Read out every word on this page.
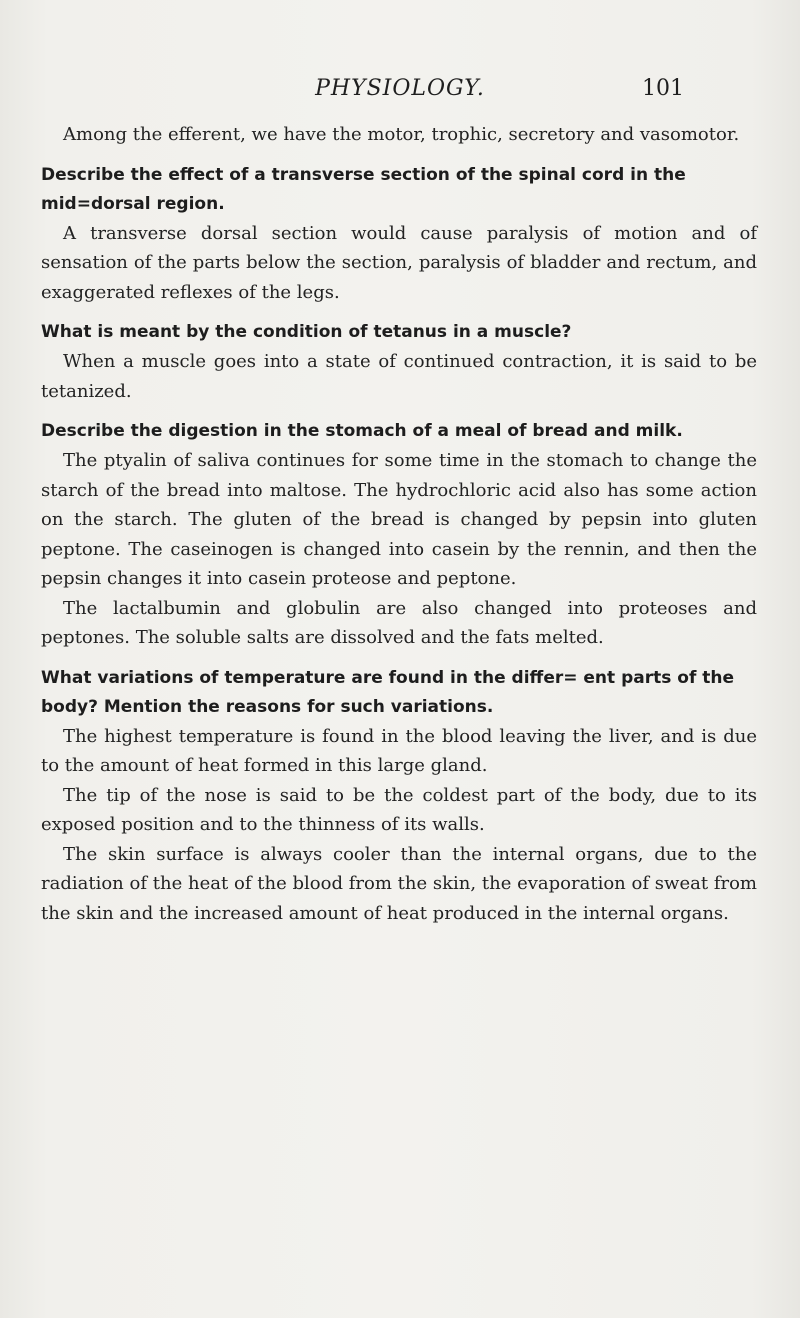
PHYSIOLOGY.	101

Among the efferent, we have the motor, trophic, secretory and vasomotor.

Describe the effect of a transverse section of the spinal cord in the mid=dorsal region.

A transverse dorsal section would cause paralysis of motion and of sensation of the parts below the section, paralysis of bladder and rectum, and exaggerated reflexes of the legs.

What is meant by the condition of tetanus in a muscle?

When a muscle goes into a state of continued contraction, it is said to be tetanized.

Describe the digestion in the stomach of a meal of bread and milk.

The ptyalin of saliva continues for some time in the stomach to change the starch of the bread into maltose. The hydrochloric acid also has some action on the starch. The gluten of the bread is changed by pepsin into gluten peptone. The caseinogen is changed into casein by the rennin, and then the pepsin changes it into casein proteose and peptone.

The lactalbumin and globulin are also changed into proteoses and peptones. The soluble salts are dissolved and the fats melted.

What variations of temperature are found in the differ= ent parts of the body? Mention the reasons for such variations.

The highest temperature is found in the blood leaving the liver, and is due to the amount of heat formed in this large gland.

The tip of the nose is said to be the coldest part of the body, due to its exposed position and to the thinness of its walls.

The skin surface is always cooler than the internal organs, due to the radiation of the heat of the blood from the skin, the evaporation of sweat from the skin and the increased amount of heat produced in the internal organs.
